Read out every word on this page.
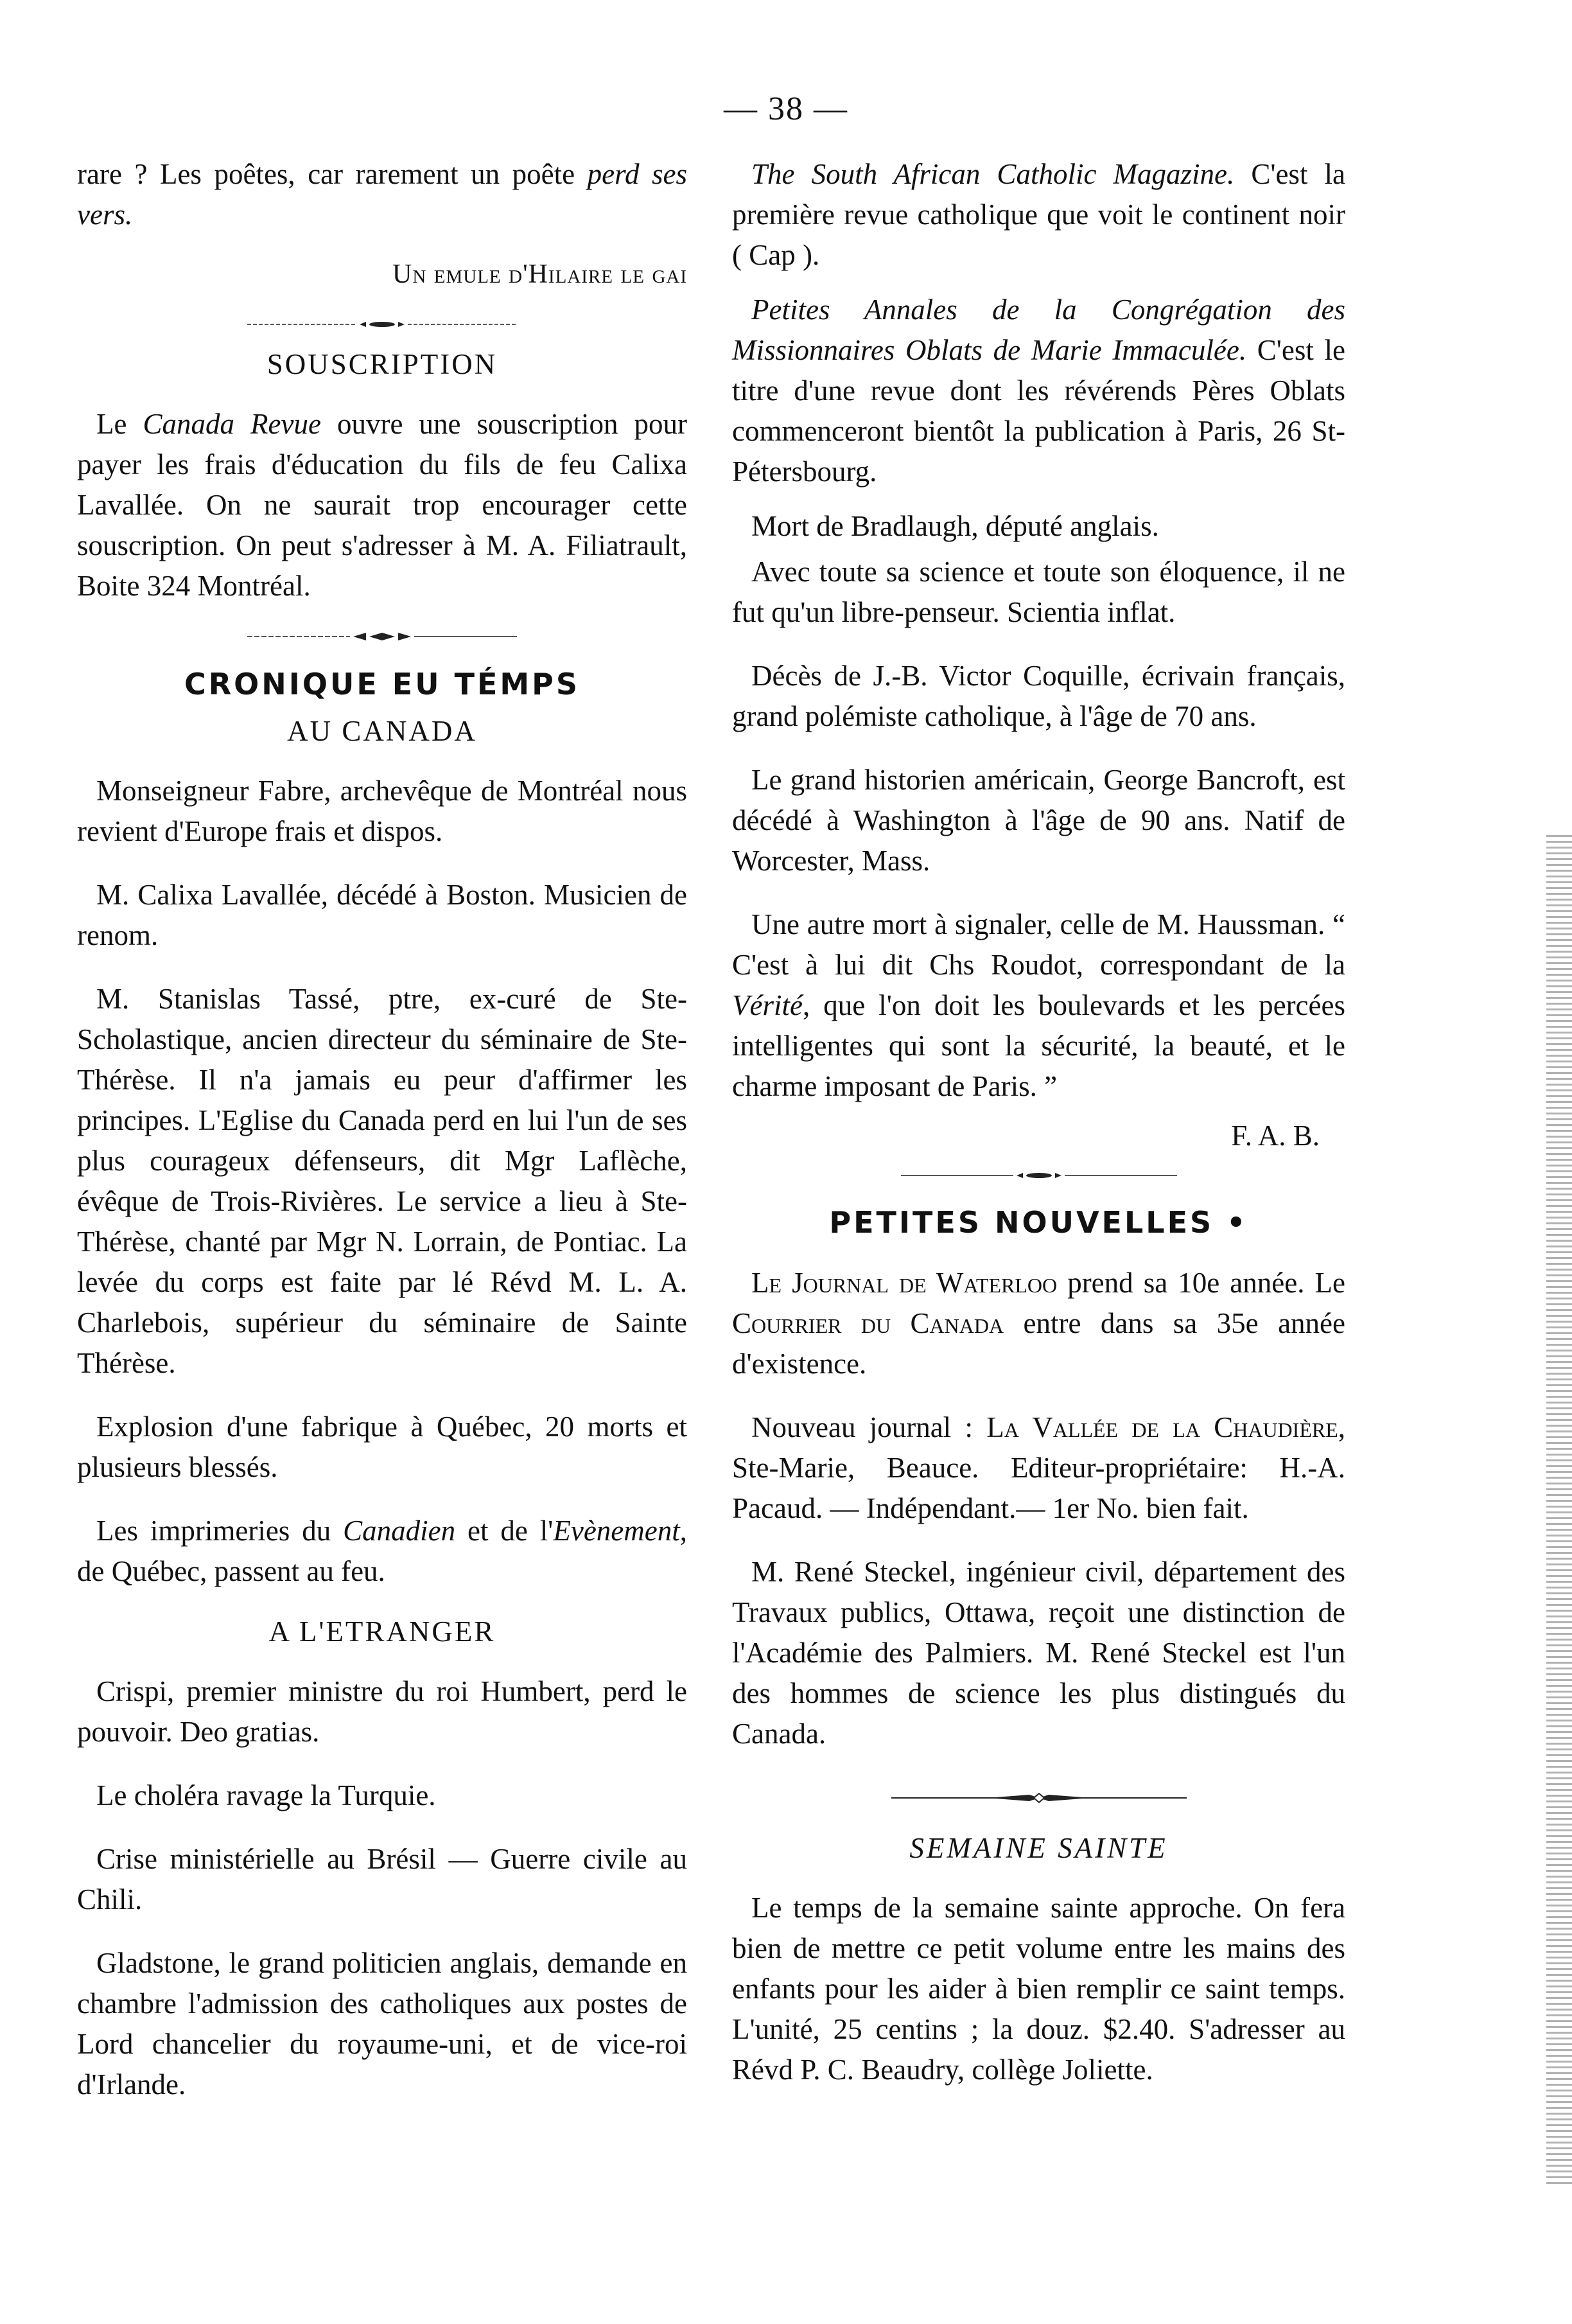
— 38 —

rare ? Les poêtes, car rarement un poête perd ses vers.

Un emule d'Hilaire le gai

SOUSCRIPTION

Le Canada Revue ouvre une souscription pour payer les frais d'éducation du fils de feu Calixa Lavallée. On ne saurait trop encourager cette souscription. On peut s'adresser à M. A. Filiatrault, Boite 324 Montréal.

CRONIQUE EU TÉMPS
AU CANADA

Monseigneur Fabre, archevêque de Montréal nous revient d'Europe frais et dispos.

M. Calixa Lavallée, décédé à Boston. Musicien de renom.

M. Stanislas Tassé, ptre, ex-curé de Ste-Scholastique, ancien directeur du séminaire de Ste-Thérèse. Il n'a jamais eu peur d'affirmer les principes. L'Eglise du Canada perd en lui l'un de ses plus courageux défenseurs, dit Mgr Laflèche, évêque de Trois-Rivières. Le service a lieu à Ste-Thérèse, chanté par Mgr N. Lorrain, de Pontiac. La levée du corps est faite par lé Révd M. L. A. Charlebois, supérieur du séminaire de Sainte Thérèse.

Explosion d'une fabrique à Québec, 20 morts et plusieurs blessés.

Les imprimeries du Canadien et de l'Evènement, de Québec, passent au feu.

A L'ETRANGER

Crispi, premier ministre du roi Humbert, perd le pouvoir. Deo gratias.

Le choléra ravage la Turquie.

Crise ministérielle au Brésil — Guerre civile au Chili.

Gladstone, le grand politicien anglais, demande en chambre l'admission des catholiques aux postes de Lord chancelier du royaume-uni, et de vice-roi d'Irlande.

The South African Catholic Magazine. C'est la première revue catholique que voit le continent noir ( Cap ).

Petites Annales de la Congrégation des Missionnaires Oblats de Marie Immaculée. C'est le titre d'une revue dont les révérends Pères Oblats commenceront bientôt la publication à Paris, 26 St-Pétersbourg.

Mort de Bradlaugh, député anglais.

Avec toute sa science et toute son éloquence, il ne fut qu'un libre-penseur. Scientia inflat.

Décès de J.-B. Victor Coquille, écrivain français, grand polémiste catholique, à l'âge de 70 ans.

Le grand historien américain, George Bancroft, est décédé à Washington à l'âge de 90 ans. Natif de Worcester, Mass.

Une autre mort à signaler, celle de M. Haussman. “ C'est à lui dit Chs Roudot, correspondant de la Vérité, que l'on doit les boulevards et les percées intelligentes qui sont la sécurité, la beauté, et le charme imposant de Paris. ”

F. A. B.

PETITES NOUVELLES •

Le Journal de Waterloo prend sa 10e année. Le Courrier du Canada entre dans sa 35e année d'existence.

Nouveau journal : La Vallée de la Chaudière, Ste-Marie, Beauce. Editeur-propriétaire: H.-A. Pacaud. — Indépendant.— 1er No. bien fait.

M. René Steckel, ingénieur civil, département des Travaux publics, Ottawa, reçoit une distinction de l'Académie des Palmiers. M. René Steckel est l'un des hommes de science les plus distingués du Canada.

SEMAINE SAINTE

Le temps de la semaine sainte approche. On fera bien de mettre ce petit volume entre les mains des enfants pour les aider à bien remplir ce saint temps. L'unité, 25 centins ; la douz. $2.40. S'adresser au Révd P. C. Beaudry, collège Joliette.
